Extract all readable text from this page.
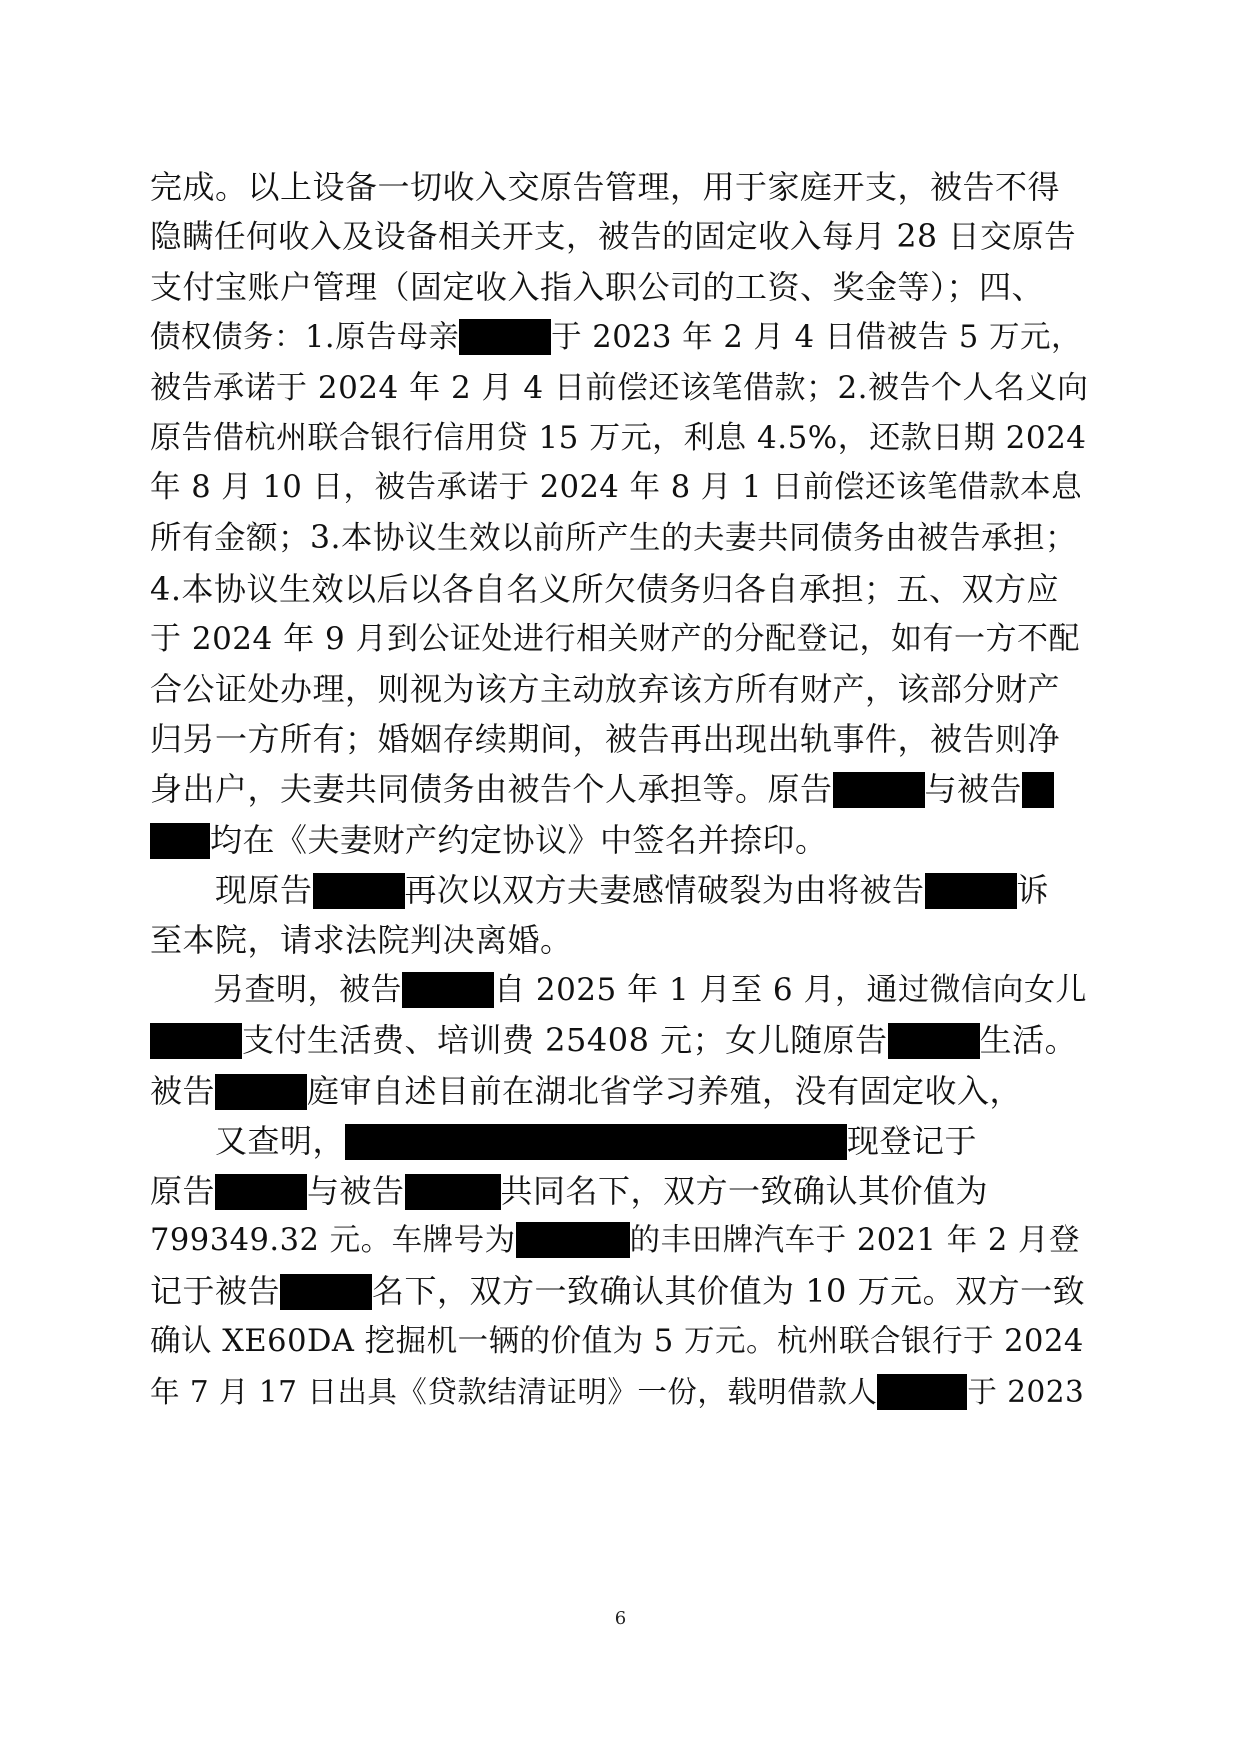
完成。以上设备一切收入交原告管理，用于家庭开支，被告不得
隐瞒任何收入及设备相关开支，被告的固定收入每月 28 日交原告
支付宝账户管理（固定收入指入职公司的工资、奖金等）；四、
债权债务：1.原告母亲	于 2023 年 2 月 4 日借被告 5 万元，
被告承诺于 2024 年 2 月 4 日前偿还该笔借款；2.被告个人名义向
原告借杭州联合银行信用贷 15 万元，利息 4.5%，还款日期 2024
年 8 月 10 日，被告承诺于 2024 年 8 月 1 日前偿还该笔借款本息
所有金额；3.本协议生效以前所产生的夫妻共同债务由被告承担；
4.本协议生效以后以各自名义所欠债务归各自承担；五、双方应
于 2024 年 9 月到公证处进行相关财产的分配登记，如有一方不配
合公证处办理，则视为该方主动放弃该方所有财产，该部分财产
归另一方所有；婚姻存续期间，被告再出现出轨事件，被告则净
身出户，夫妻共同债务由被告个人承担等。原告	与被告
均在《夫妻财产约定协议》中签名并捺印。
　　现原告	再次以双方夫妻感情破裂为由将被告	诉
至本院，请求法院判决离婚。
　　另查明，被告	自 2025 年 1 月至 6 月，通过微信向女儿
支付生活费、培训费 25408 元；女儿随原告	生活。
被告	庭审自述目前在湖北省学习养殖，没有固定收入，
　　又查明，	现登记于
原告	与被告	共同名下，双方一致确认其价值为
799349.32 元。车牌号为	的丰田牌汽车于 2021 年 2 月登
记于被告	名下，双方一致确认其价值为 10 万元。双方一致
确认 XE60DA 挖掘机一辆的价值为 5 万元。杭州联合银行于 2024
年 7 月 17 日出具《贷款结清证明》一份，载明借款人	于 2023
6
